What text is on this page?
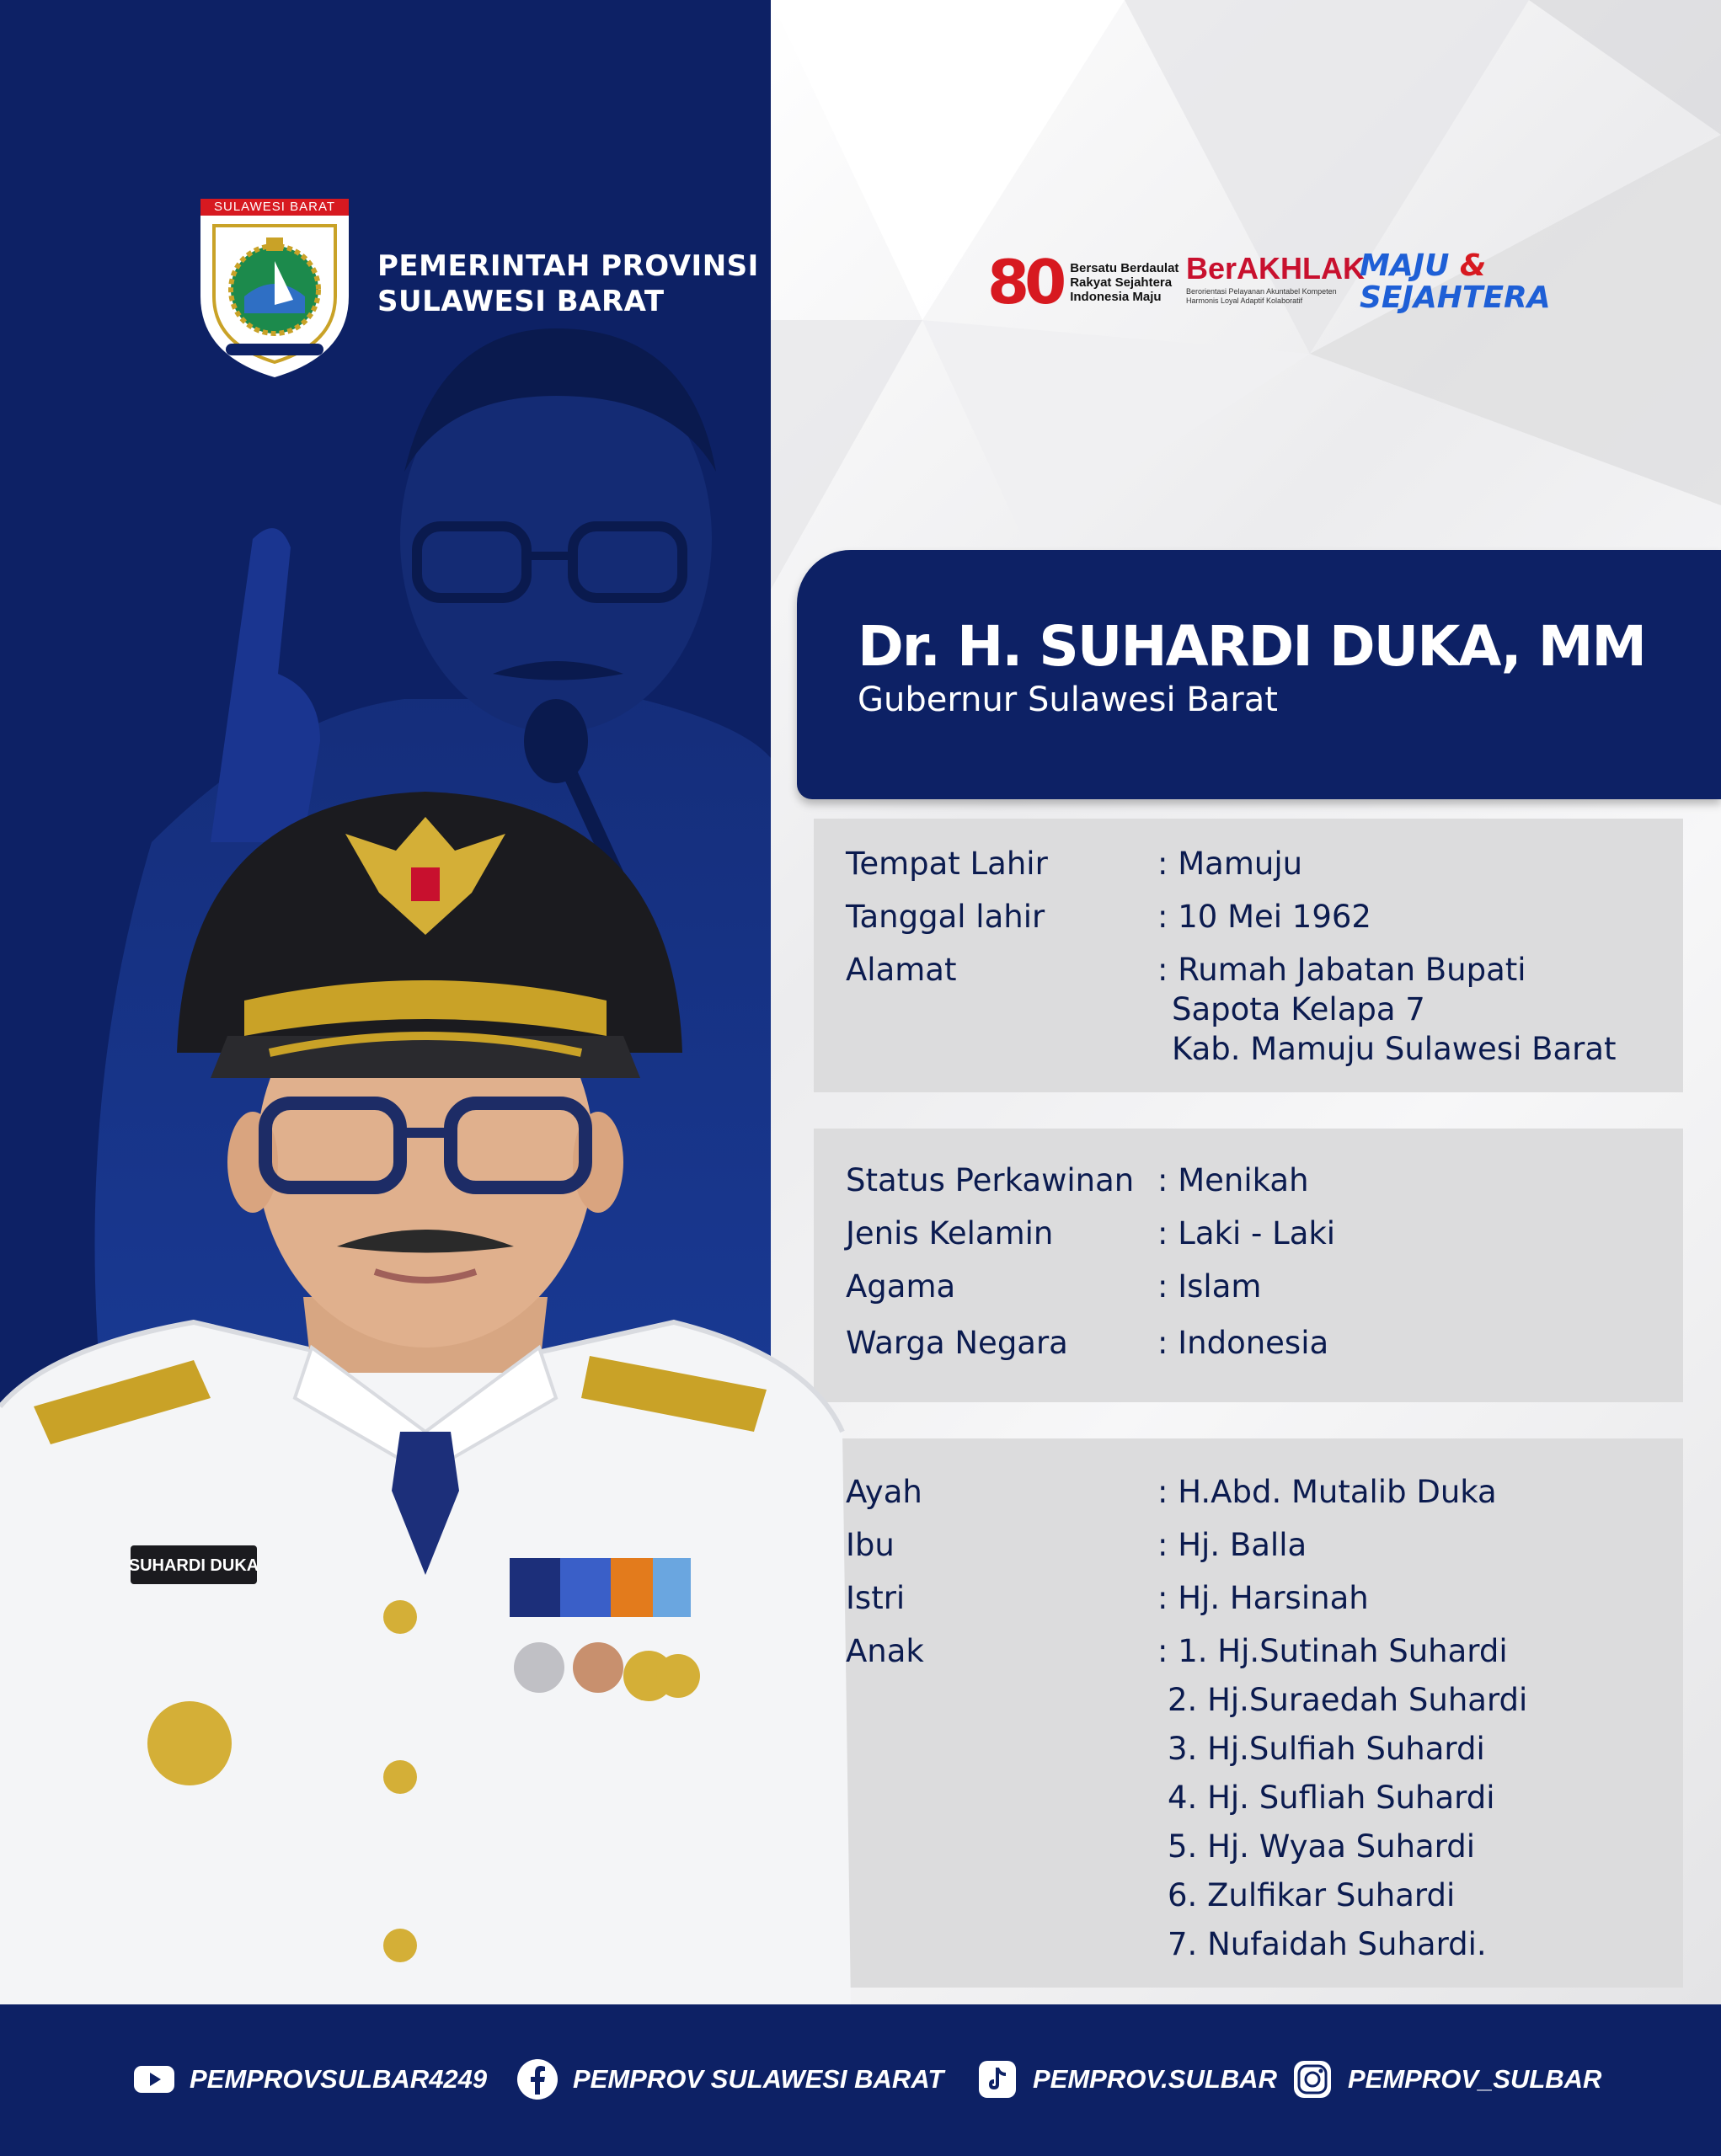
SULAWESI BARAT
PEMERINTAH PROVINSI
SULAWESI BARAT	80 Bersatu Berdaulat
Rakyat Sejahtera
Indonesia Maju
BerAKHLAK
Berorientasi Pelayanan Akuntabel Kompeten Harmonis Loyal Adaptif Kolaboratif
MAJU &
SEJAHTERA
Dr. H. SUHARDI DUKA, MM
Gubernur Sulawesi Barat
Tempat Lahir	: Mamuju
Tanggal lahir	: 10 Mei 1962
Alamat	: Rumah Jabatan Bupati
Sapota Kelapa 7
Kab. Mamuju Sulawesi Barat
Status Perkawinan : Menikah
Jenis Kelamin	: Laki - Laki
Agama	: Islam
Warga Negara	: Indonesia
Ayah	: H.Abd. Mutalib Duka
Ibu	: Hj. Balla
Istri	: Hj. Harsinah
Anak	: 1. Hj.Sutinah Suhardi
2. Hj.Suraedah Suhardi
3. Hj.Sulfiah Suhardi
4. Hj. Sufliah Suhardi
5. Hj. Wyaa Suhardi
6. Zulfikar Suhardi
7. Nufaidah Suhardi.
SUHARDI DUKA
PEMPROVSULBAR4249	PEMPROV SULAWESI BARAT	PEMPROV.SULBAR	PEMPROV_SULBAR
